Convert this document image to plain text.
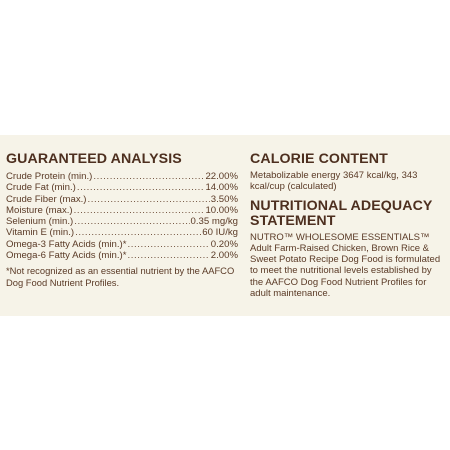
GUARANTEED ANALYSIS
Crude Protein (min.) .....	22.00%
Crude Fat (min.) .....	14.00%
Crude Fiber (max.) .....	3.50%
Moisture (max.) .....	10.00%
Selenium (min.) .....	0.35 mg/kg
Vitamin E (min.) .....	60 IU/kg
Omega-3 Fatty Acids (min.)* .....	0.20%
Omega-6 Fatty Acids (min.)* .....	2.00%

*Not recognized as an essential nutrient by the AAFCO Dog Food Nutrient Profiles.

CALORIE CONTENT

Metabolizable energy 3647 kcal/kg, 343 kcal/cup (calculated)

NUTRITIONAL ADEQUACY STATEMENT

NUTRO™ WHOLESOME ESSENTIALS™ Adult Farm-Raised Chicken, Brown Rice & Sweet Potato Recipe Dog Food is formulated to meet the nutritional levels established by the AAFCO Dog Food Nutrient Profiles for adult maintenance.
